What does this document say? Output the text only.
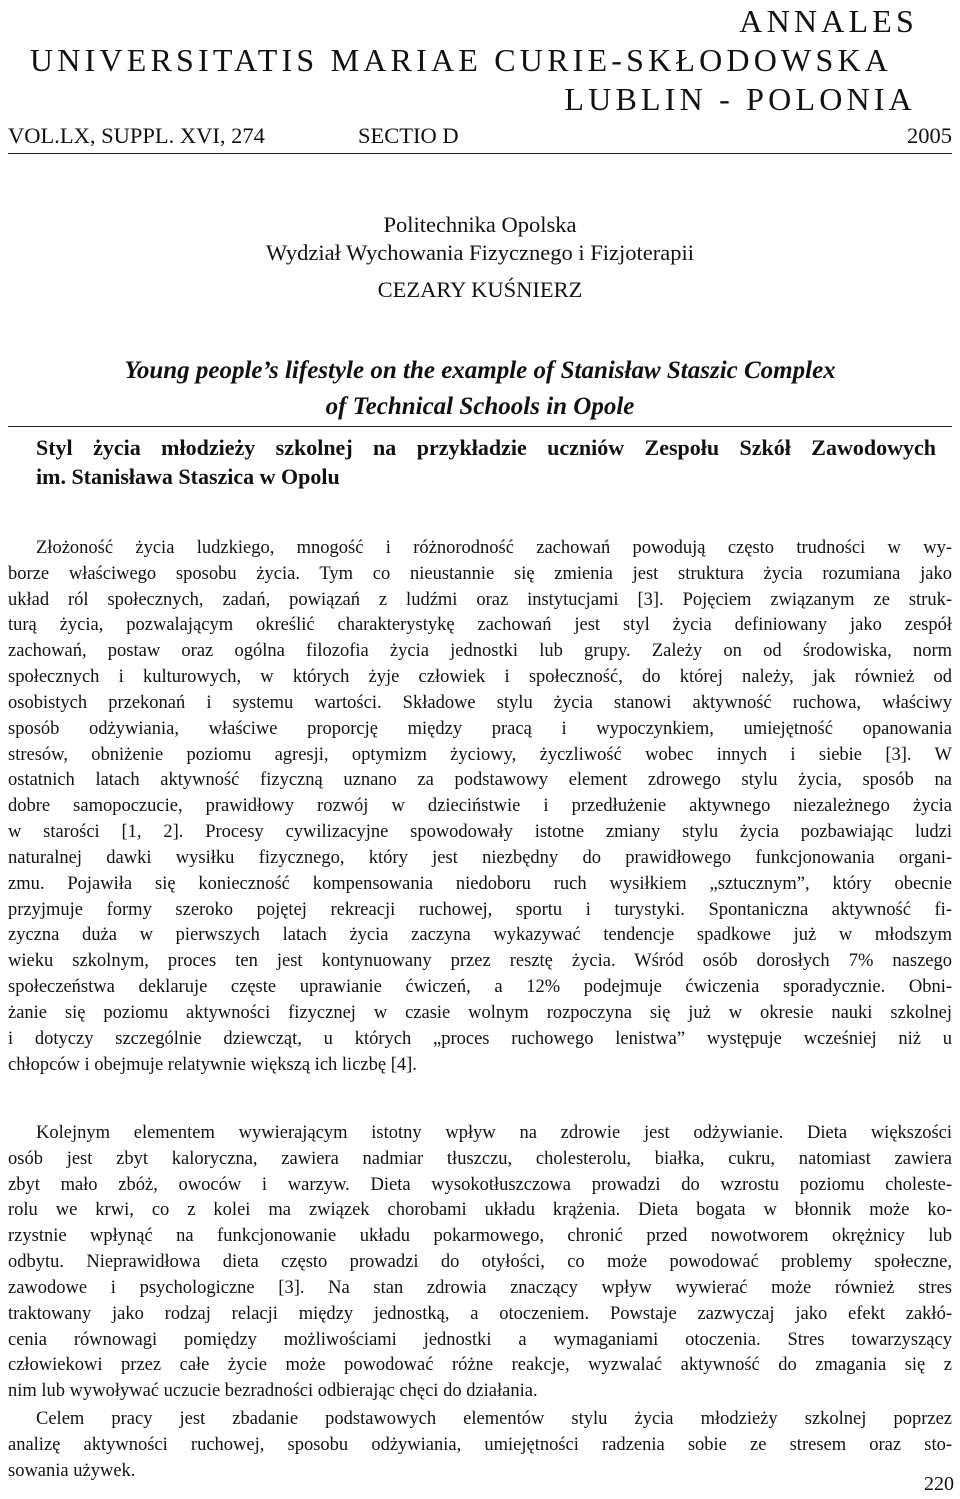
ANNALES
UNIVERSITATIS MARIAE CURIE-SKŁODOWSKA
LUBLIN - POLONIA
VOL.LX, SUPPL. XVI, 274	SECTIO D	2005
Politechnika Opolska
Wydział Wychowania Fizycznego i Fizjoterapii
CEZARY KUŚNIERZ
Young people’s lifestyle on the example of Stanisław Staszic Complex
of Technical Schools in Opole
Styl życia młodzieży szkolnej na przykładzie uczniów Zespołu Szkół Zawodowych
im. Stanisława Staszica w Opolu
Złożoność życia ludzkiego, mnogość i różnorodność zachowań powodują często trudności w wy-
borze właściwego sposobu życia. Tym co nieustannie się zmienia jest struktura życia rozumiana jako
układ ról społecznych, zadań, powiązań z ludźmi oraz instytucjami [3]. Pojęciem związanym ze struk-
turą życia, pozwalającym określić charakterystykę zachowań jest styl życia definiowany jako zespół
zachowań, postaw oraz ogólna filozofia życia jednostki lub grupy. Zależy on od środowiska, norm
społecznych i kulturowych, w których żyje człowiek i społeczność, do której należy, jak również od
osobistych przekonań i systemu wartości. Składowe stylu życia stanowi aktywność ruchowa, właściwy
sposób odżywiania, właściwe proporcję między pracą i wypoczynkiem, umiejętność opanowania
stresów, obniżenie poziomu agresji, optymizm życiowy, życzliwość wobec innych i siebie [3]. W
ostatnich latach aktywność fizyczną uznano za podstawowy element zdrowego stylu życia, sposób na
dobre samopoczucie, prawidłowy rozwój w dzieciństwie i przedłużenie aktywnego niezależnego życia
w starości [1, 2]. Procesy cywilizacyjne spowodowały istotne zmiany stylu życia pozbawiając ludzi
naturalnej dawki wysiłku fizycznego, który jest niezbędny do prawidłowego funkcjonowania organi-
zmu. Pojawiła się konieczność kompensowania niedoboru ruch wysiłkiem „sztucznym”, który obecnie
przyjmuje formy szeroko pojętej rekreacji ruchowej, sportu i turystyki. Spontaniczna aktywność fi-
zyczna duża w pierwszych latach życia zaczyna wykazywać tendencje spadkowe już w młodszym
wieku szkolnym, proces ten jest kontynuowany przez resztę życia. Wśród osób dorosłych 7% naszego
społeczeństwa deklaruje częste uprawianie ćwiczeń, a 12% podejmuje ćwiczenia sporadycznie. Obni-
żanie się poziomu aktywności fizycznej w czasie wolnym rozpoczyna się już w okresie nauki szkolnej
i dotyczy szczególnie dziewcząt, u których „proces ruchowego lenistwa” występuje wcześniej niż u
chłopców i obejmuje relatywnie większą ich liczbę [4].
Kolejnym elementem wywierającym istotny wpływ na zdrowie jest odżywianie. Dieta większości
osób jest zbyt kaloryczna, zawiera nadmiar tłuszczu, cholesterolu, białka, cukru, natomiast zawiera
zbyt mało zbóż, owoców i warzyw. Dieta wysokotłuszczowa prowadzi do wzrostu poziomu choleste-
rolu we krwi, co z kolei ma związek chorobami układu krążenia. Dieta bogata w błonnik może ko-
rzystnie wpłynąć na funkcjonowanie układu pokarmowego, chronić przed nowotworem okrężnicy lub
odbytu. Nieprawidłowa dieta często prowadzi do otyłości, co może powodować problemy społeczne,
zawodowe i psychologiczne [3]. Na stan zdrowia znaczący wpływ wywierać może również stres
traktowany jako rodzaj relacji między jednostką, a otoczeniem. Powstaje zazwyczaj jako efekt zakłó-
cenia równowagi pomiędzy możliwościami jednostki a wymaganiami otoczenia. Stres towarzyszący
człowiekowi przez całe życie może powodować różne reakcje, wyzwalać aktywność do zmagania się z
nim lub wywoływać uczucie bezradności odbierając chęci do działania.
Celem pracy jest zbadanie podstawowych elementów stylu życia młodzieży szkolnej poprzez
analizę aktywności ruchowej, sposobu odżywiania, umiejętności radzenia sobie ze stresem oraz sto-
sowania używek.
220
